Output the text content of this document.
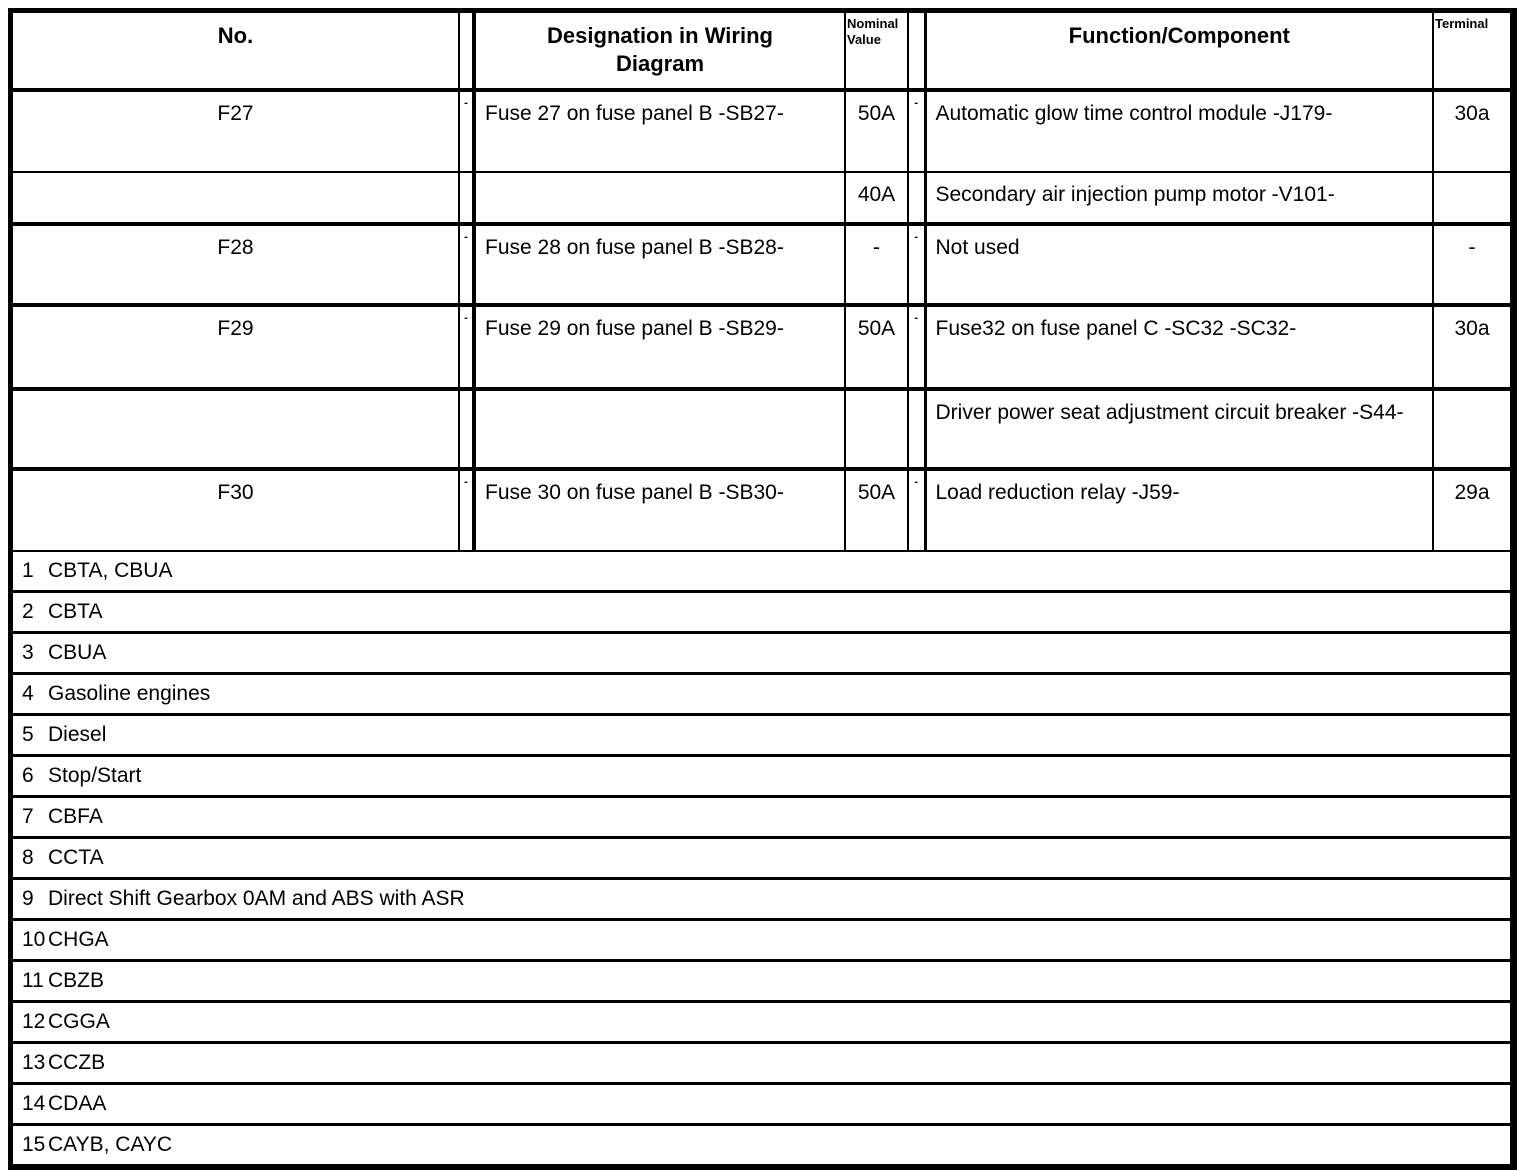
No.		Designation in Wiring Diagram	Nominal Value		Function/Component	Terminal
F27	-	Fuse 27 on fuse panel B -SB27-	50A	-	Automatic glow time control module -J179-	30a
			40A		Secondary air injection pump motor -V101-	
F28	-	Fuse 28 on fuse panel B -SB28-	-	-	Not used	-
F29	-	Fuse 29 on fuse panel B -SB29-	50A	-	Fuse32 on fuse panel C -SC32 -SC32-	30a
					Driver power seat adjustment circuit breaker -S44-	
F30	-	Fuse 30 on fuse panel B -SB30-	50A	-	Load reduction relay -J59-	29a
1 CBTA, CBUA						
2 CBTA						
3 CBUA						
4 Gasoline engines						
5 Diesel						
6 Stop/Start						
7 CBFA						
8 CCTA						
9 Direct Shift Gearbox 0AM and ABS with ASR						
10 CHGA						
11 CBZB						
12 CGGA						
13 CCZB						
14 CDAA						
15 CAYB, CAYC						
